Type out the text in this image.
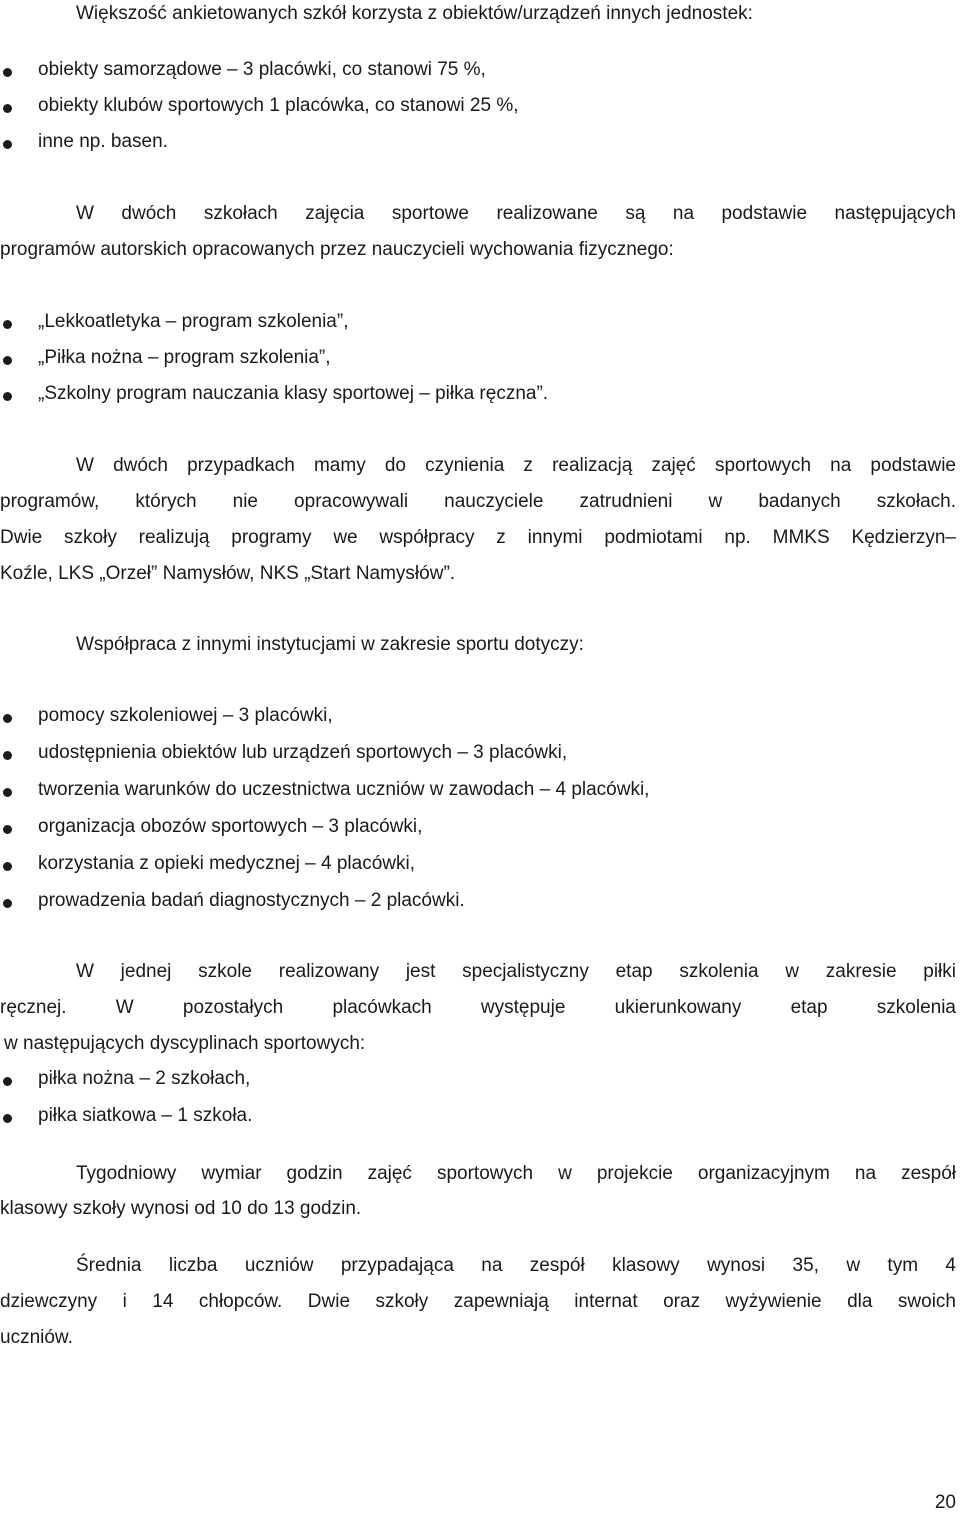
Większość ankietowanych szkół korzysta z obiektów/urządzeń innych jednostek:
obiekty samorządowe – 3 placówki, co stanowi 75 %,
obiekty klubów sportowych 1 placówka, co stanowi 25 %,
inne np. basen.
W dwóch szkołach zajęcia sportowe realizowane są na podstawie następujących
programów autorskich opracowanych przez nauczycieli wychowania fizycznego:
„Lekkoatletyka – program szkolenia”,
„Piłka nożna – program szkolenia”,
„Szkolny program nauczania klasy sportowej – piłka ręczna”.
W dwóch przypadkach mamy do czynienia z realizacją zajęć sportowych na podstawie
programów, których nie opracowywali nauczyciele zatrudnieni w badanych szkołach.
Dwie szkoły realizują programy we współpracy z innymi podmiotami np. MMKS Kędzierzyn–
Koźle, LKS „Orzeł” Namysłów, NKS „Start Namysłów”.
Współpraca z innymi instytucjami w zakresie sportu dotyczy:
pomocy szkoleniowej – 3 placówki,
udostępnienia obiektów lub urządzeń sportowych – 3 placówki,
tworzenia warunków do uczestnictwa uczniów w zawodach – 4 placówki,
organizacja obozów sportowych – 3 placówki,
korzystania z opieki medycznej – 4 placówki,
prowadzenia badań diagnostycznych – 2 placówki.
W jednej szkole realizowany jest specjalistyczny etap szkolenia w zakresie piłki
ręcznej. W pozostałych placówkach występuje ukierunkowany etap szkolenia
w następujących dyscyplinach sportowych:
piłka nożna – 2 szkołach,
piłka siatkowa – 1 szkoła.
Tygodniowy wymiar godzin zajęć sportowych w projekcie organizacyjnym na zespół
klasowy szkoły wynosi od 10 do 13 godzin.
Średnia liczba uczniów przypadająca na zespół klasowy wynosi 35, w tym 4
dziewczyny i 14 chłopców. Dwie szkoły zapewniają internat oraz wyżywienie dla swoich
uczniów.
20
